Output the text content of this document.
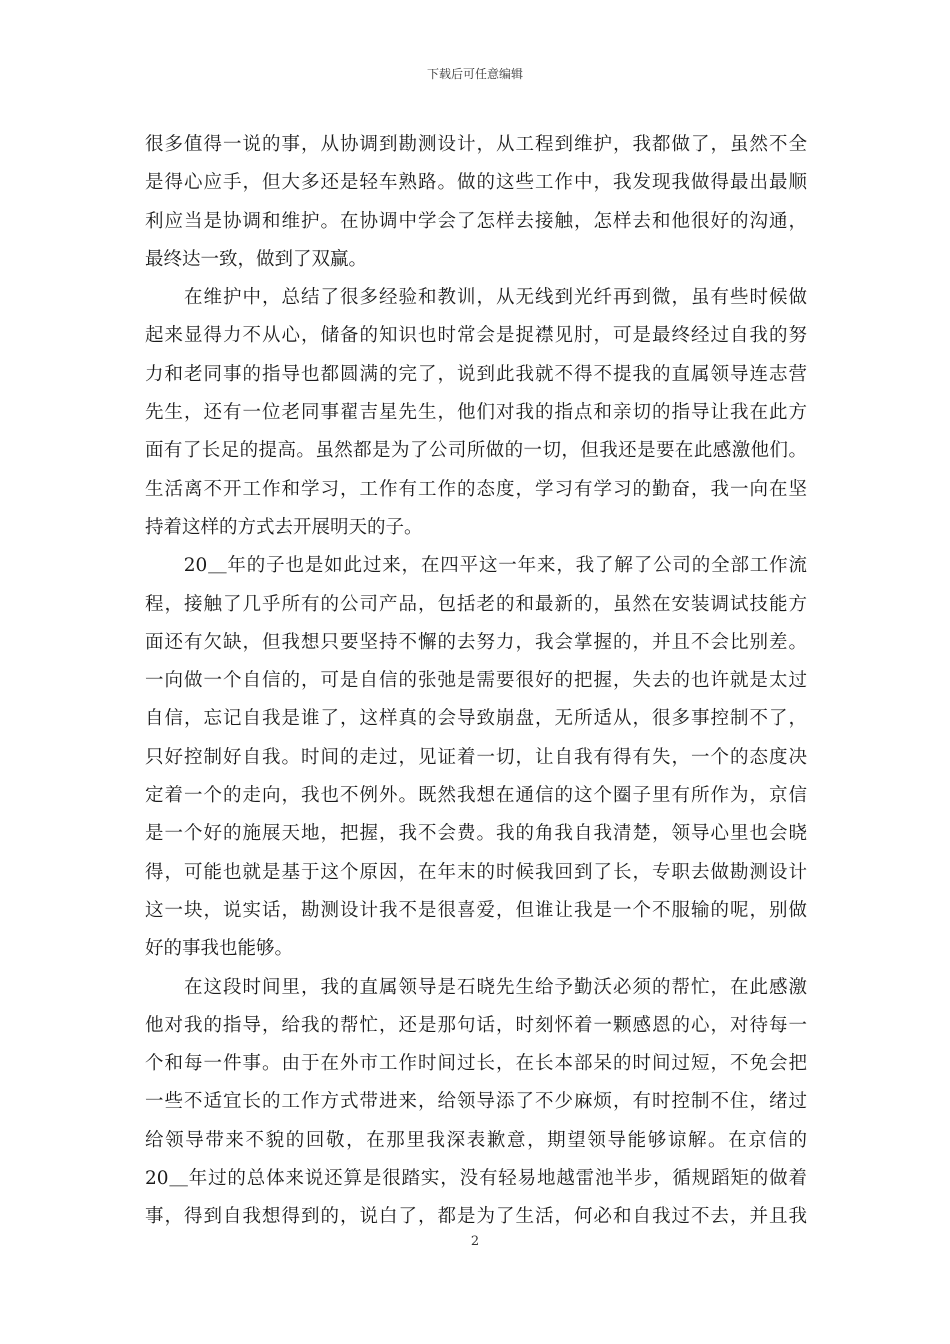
下载后可任意编辑
很多值得一说的事，从协调到勘测设计，从工程到维护，我都做了，虽然不全
是得心应手，但大多还是轻车熟路。做的这些工作中，我发现我做得最出最顺
利应当是协调和维护。在协调中学会了怎样去接触，怎样去和他很好的沟通，
最终达一致，做到了双赢。
　　在维护中，总结了很多经验和教训，从无线到光纤再到微，虽有些时候做
起来显得力不从心，储备的知识也时常会是捉襟见肘，可是最终经过自我的努
力和老同事的指导也都圆满的完了，说到此我就不得不提我的直属领导连志营
先生，还有一位老同事翟吉星先生，他们对我的指点和亲切的指导让我在此方
面有了长足的提高。虽然都是为了公司所做的一切，但我还是要在此感激他们。
生活离不开工作和学习，工作有工作的态度，学习有学习的勤奋，我一向在坚
持着这样的方式去开展明天的子。
　　20＿年的子也是如此过来，在四平这一年来，我了解了公司的全部工作流
程，接触了几乎所有的公司产品，包括老的和最新的，虽然在安装调试技能方
面还有欠缺，但我想只要坚持不懈的去努力，我会掌握的，并且不会比别差。
一向做一个自信的，可是自信的张弛是需要很好的把握，失去的也许就是太过
自信，忘记自我是谁了，这样真的会导致崩盘，无所适从，很多事控制不了，
只好控制好自我。时间的走过，见证着一切，让自我有得有失，一个的态度决
定着一个的走向，我也不例外。既然我想在通信的这个圈子里有所作为，京信
是一个好的施展天地，把握，我不会费。我的角我自我清楚，领导心里也会晓
得，可能也就是基于这个原因，在年末的时候我回到了长，专职去做勘测设计
这一块，说实话，勘测设计我不是很喜爱，但谁让我是一个不服输的呢，别做
好的事我也能够。
　　在这段时间里，我的直属领导是石晓先生给予勤沃必须的帮忙，在此感激
他对我的指导，给我的帮忙，还是那句话，时刻怀着一颗感恩的心，对待每一
个和每一件事。由于在外市工作时间过长，在长本部呆的时间过短，不免会把
一些不适宜长的工作方式带进来，给领导添了不少麻烦，有时控制不住，绪过
给领导带来不貌的回敬，在那里我深表歉意，期望领导能够谅解。在京信的
20＿年过的总体来说还算是很踏实，没有轻易地越雷池半步，循规蹈矩的做着
事，得到自我想得到的，说白了，都是为了生活，何必和自我过不去，并且我
2
